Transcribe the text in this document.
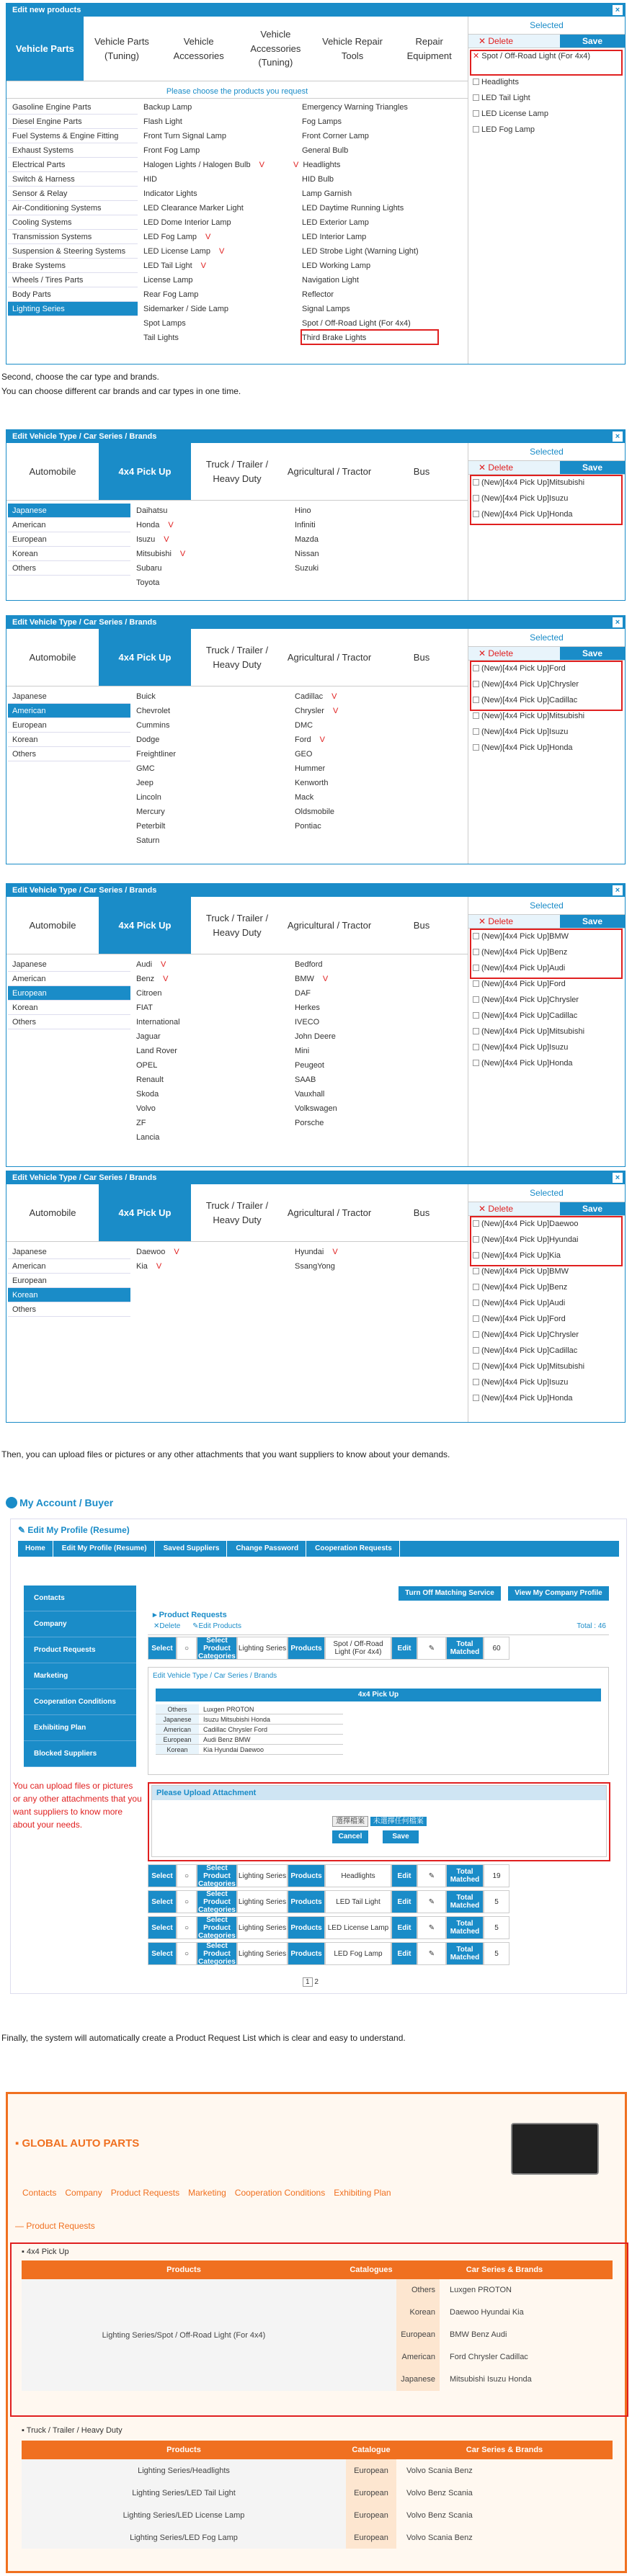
Edit new products	×
Vehicle Parts
Vehicle Parts (Tuning)
Vehicle Accessories
Vehicle Accessories (Tuning)
Vehicle Repair Tools
Repair Equipment
Please choose the products you request
Gasoline Engine Parts
Diesel Engine Parts
Fuel Systems & Engine Fitting
Exhaust Systems
Electrical Parts
Switch & Harness
Sensor & Relay
Air-Conditioning Systems
Cooling Systems
Transmission Systems
Suspension & Steering Systems
Brake Systems
Wheels / Tires Parts
Body Parts
Lighting Series
Backup Lamp
Flash Light
Front Turn Signal Lamp
Front Fog Lamp
Halogen Lights / Halogen Bulb V
HID
Indicator Lights
LED Clearance Marker Light
LED Dome Interior Lamp
LED Fog Lamp V
LED License Lamp V
LED Tail Light V
License Lamp
Rear Fog Lamp
Sidemarker / Side Lamp
Spot Lamps
Tail Lights
Emergency Warning Triangles
Fog Lamps
Front Corner Lamp
General Bulb
V Headlights
HID Bulb
Lamp Garnish
LED Daytime Running Lights
LED Exterior Lamp
LED Interior Lamp
LED Strobe Light (Warning Light)
LED Working Lamp
Navigation Light
Reflector
Signal Lamps
Spot / Off-Road Light (For 4x4)
Third Brake Lights
Selected
✕ Delete	Save
✕ Spot / Off-Road Light (For 4x4)
Headlights
LED Tail Light
LED License Lamp
LED Fog Lamp
Second, choose the car type and brands.
You can choose different car brands and car types in one time.
Edit Vehicle Type / Car Series / Brands	×
Automobile	4x4 Pick Up
Truck / Trailer / Heavy Duty
Agricultural / Tractor	Bus
Japanese
American
European
Korean
Others
Daihatsu
Honda V
Isuzu V
Mitsubishi V
Subaru
Toyota
Hino
Infiniti
Mazda
Nissan
Suzuki
Selected
✕ Delete	Save
(New)[4x4 Pick Up]Mitsubishi
(New)[4x4 Pick Up]Isuzu
(New)[4x4 Pick Up]Honda
Edit Vehicle Type / Car Series / Brands	×
Automobile	4x4 Pick Up
Truck / Trailer / Heavy Duty
Agricultural / Tractor	Bus
Japanese
American
European
Korean
Others
Buick
Chevrolet
Cummins
Dodge
Freightliner
GMC
Jeep
Lincoln
Mercury
Peterbilt
Saturn
Cadillac V
Chrysler V
DMC
Ford V
GEO
Hummer
Kenworth
Mack
Oldsmobile
Pontiac
Selected
✕ Delete	Save
(New)[4x4 Pick Up]Ford
(New)[4x4 Pick Up]Chrysler
(New)[4x4 Pick Up]Cadillac
(New)[4x4 Pick Up]Mitsubishi
(New)[4x4 Pick Up]Isuzu
(New)[4x4 Pick Up]Honda
Edit Vehicle Type / Car Series / Brands	×
Automobile	4x4 Pick Up
Truck / Trailer / Heavy Duty
Agricultural / Tractor	Bus
Japanese
American
European
Korean
Others
Audi V
Benz V
Citroen
FIAT
International
Jaguar
Land Rover
OPEL
Renault
Skoda
Volvo
ZF
Lancia
Bedford
BMW V
DAF
Herkes
IVECO
John Deere
Mini
Peugeot
SAAB
Vauxhall
Volkswagen
Porsche
Selected
✕ Delete	Save
(New)[4x4 Pick Up]BMW
(New)[4x4 Pick Up]Benz
(New)[4x4 Pick Up]Audi
(New)[4x4 Pick Up]Ford
(New)[4x4 Pick Up]Chrysler
(New)[4x4 Pick Up]Cadillac
(New)[4x4 Pick Up]Mitsubishi
(New)[4x4 Pick Up]Isuzu
(New)[4x4 Pick Up]Honda
Edit Vehicle Type / Car Series / Brands	×
Automobile	4x4 Pick Up
Truck / Trailer / Heavy Duty
Agricultural / Tractor	Bus
Japanese
American
European
Korean
Others
Daewoo V
Kia V
Hyundai V
SsangYong
Selected
✕ Delete	Save
(New)[4x4 Pick Up]Daewoo
(New)[4x4 Pick Up]Hyundai
(New)[4x4 Pick Up]Kia
(New)[4x4 Pick Up]BMW
(New)[4x4 Pick Up]Benz
(New)[4x4 Pick Up]Audi
(New)[4x4 Pick Up]Ford
(New)[4x4 Pick Up]Chrysler
(New)[4x4 Pick Up]Cadillac
(New)[4x4 Pick Up]Mitsubishi
(New)[4x4 Pick Up]Isuzu
(New)[4x4 Pick Up]Honda
Then, you can upload files or pictures or any other attachments that you want suppliers to know about your demands.
My Account / Buyer
✎ Edit My Profile (Resume)
Home	Edit My Profile (Resume)	Saved Suppliers	Change Password	Cooperation Requests
Contacts
Company
Product Requests
Marketing
Cooperation Conditions
Exhibiting Plan
Blocked Suppliers
Turn Off Matching Service	View My Company Profile
▸ Product Requests
✕Delete ✎Edit Products	Total : 46
Select	○
Select Product Categories
Lighting Series Products	Spot / Off-Road Light (For 4x4)	Edit	✎	Total Matched	60
Edit Vehicle Type / Car Series / Brands
4x4 Pick Up
Others	Luxgen PROTON
Japanese	Isuzu Mitsubishi Honda
American	Cadillac Chrysler Ford
European	Audi Benz BMW
Korean	Kia Hyundai Daewoo
You can upload files or pictures or any other attachments that you want suppliers to know more about your needs.
Please Upload Attachment
選擇檔案 未選擇任何檔案
Cancel	Save
Select	○
Select Product Categories
Lighting Series Products	Headlights	Edit	✎	Total Matched	19
Select	○
Select Product Categories
Lighting Series Products	LED Tail Light	Edit	✎	Total Matched	5
Select	○
Select Product Categories
Lighting Series Products LED License Lamp	Edit	✎	Total Matched	5
Select	○
Select Product Categories
Lighting Series Products	LED Fog Lamp	Edit	✎	Total Matched	5
1 2
Finally, the system will automatically create a Product Request List which is clear and easy to understand.
▪ GLOBAL AUTO PARTS
Contacts Company Product Requests Marketing Cooperation Conditions Exhibiting Plan
— Product Requests
▪ 4x4 Pick Up
Products	Catalogues	Car Series & Brands
Lighting Series/Spot / Off-Road Light (For 4x4)		Others Luxgen PROTON
		Korean Daewoo Hyundai Kia
		European BMW Benz Audi
		American Ford Chrysler Cadillac
		Japanese Mitsubishi Isuzu Honda
▪ Truck / Trailer / Heavy Duty
Products	Catalogue	Car Series & Brands
Lighting Series/Headlights	European	Volvo Scania Benz
Lighting Series/LED Tail Light	European	Volvo Benz Scania
Lighting Series/LED License Lamp	European	Volvo Benz Scania
Lighting Series/LED Fog Lamp	European	Volvo Scania Benz
